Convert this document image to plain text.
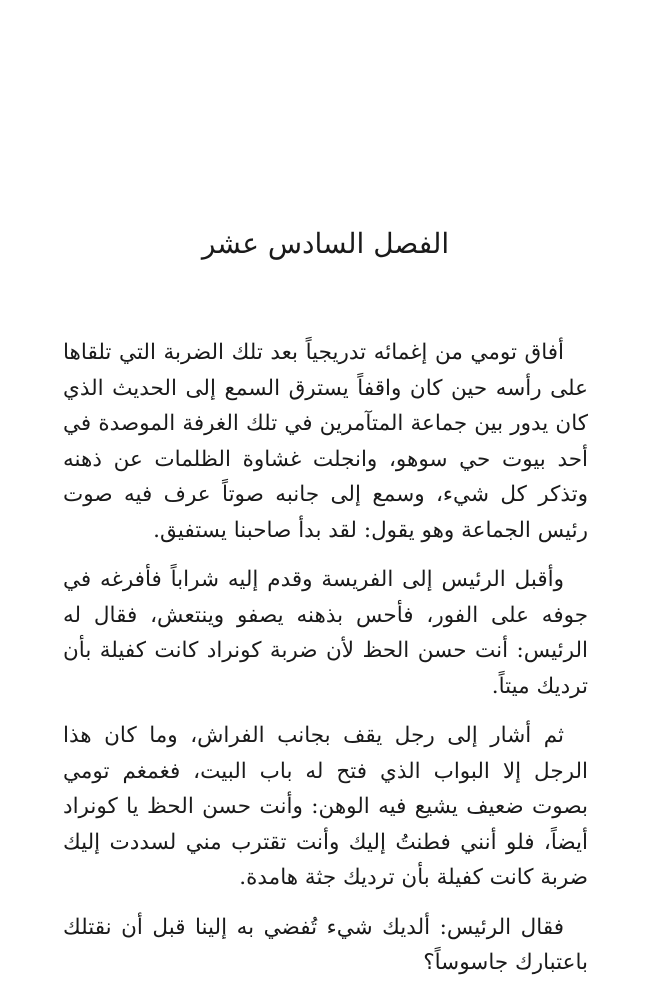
الفصل السادس عشر

أفاق تومي من إغمائه تدريجياً بعد تلك الضربة التي تلقاها على رأسه حين كان واقفاً يسترق السمع إلى الحديث الذي كان يدور بين جماعة المتآمرين في تلك الغرفة الموصدة في أحد بيوت حي سوهو، وانجلت غشاوة الظلمات عن ذهنه وتذكر كل شيء، وسمع إلى جانبه صوتاً عرف فيه صوت رئيس الجماعة وهو يقول: لقد بدأ صاحبنا يستفيق.

وأقبل الرئيس إلى الفريسة وقدم إليه شراباً فأفرغه في جوفه على الفور، فأحس بذهنه يصفو وينتعش، فقال له الرئيس: أنت حسن الحظ لأن ضربة كونراد كانت كفيلة بأن ترديك ميتاً.

ثم أشار إلى رجل يقف بجانب الفراش، وما كان هذا الرجل إلا البواب الذي فتح له باب البيت، فغمغم تومي بصوت ضعيف يشيع فيه الوهن: وأنت حسن الحظ يا كونراد أيضاً، فلو أنني فطنتُ إليك وأنت تقترب مني لسددت إليك ضربة كانت كفيلة بأن ترديك جثة هامدة.

فقال الرئيس: ألديك شيء تُفضي به إلينا قبل أن نقتلك باعتبارك جاسوساً؟
